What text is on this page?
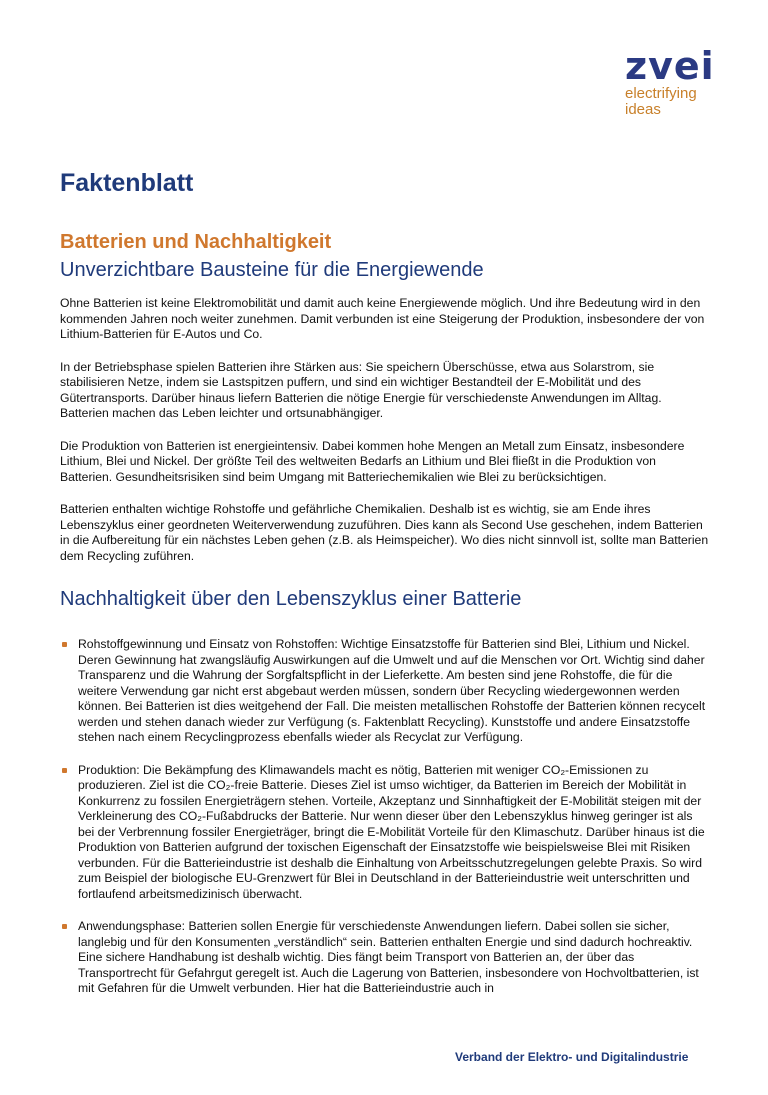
zvei
electrifying
ideas
Faktenblatt
Batterien und Nachhaltigkeit
Unverzichtbare Bausteine für die Energiewende

Ohne Batterien ist keine Elektromobilität und damit auch keine Energiewende möglich. Und ihre Bedeutung wird in den kommenden Jahren noch weiter zunehmen. Damit verbunden ist eine Steigerung der Produktion, insbesondere der von Lithium-Batterien für E-Autos und Co.

In der Betriebsphase spielen Batterien ihre Stärken aus: Sie speichern Überschüsse, etwa aus Solarstrom, sie stabilisieren Netze, indem sie Lastspitzen puffern, und sind ein wichtiger Bestandteil der E-Mobilität und des Gütertransports. Darüber hinaus liefern Batterien die nötige Energie für verschiedenste Anwendungen im Alltag. Batterien machen das Leben leichter und ortsunabhängiger.

Die Produktion von Batterien ist energieintensiv. Dabei kommen hohe Mengen an Metall zum Einsatz, insbesondere Lithium, Blei und Nickel. Der größte Teil des weltweiten Bedarfs an Lithium und Blei fließt in die Produktion von Batterien. Gesundheitsrisiken sind beim Umgang mit Batteriechemikalien wie Blei zu berücksichtigen.

Batterien enthalten wichtige Rohstoffe und gefährliche Chemikalien. Deshalb ist es wichtig, sie am Ende ihres Lebenszyklus einer geordneten Weiterverwendung zuzuführen. Dies kann als Second Use geschehen, indem Batterien in die Aufbereitung für ein nächstes Leben gehen (z.B. als Heimspeicher). Wo dies nicht sinnvoll ist, sollte man Batterien dem Recycling zuführen.

Nachhaltigkeit über den Lebenszyklus einer Batterie
Rohstoffgewinnung und Einsatz von Rohstoffen: Wichtige Einsatzstoffe für Batterien sind Blei, Lithium und Nickel. Deren Gewinnung hat zwangsläufig Auswirkungen auf die Umwelt und auf die Menschen vor Ort. Wichtig sind daher Transparenz und die Wahrung der Sorgfaltspflicht in der Lieferkette. Am besten sind jene Rohstoffe, die für die weitere Verwendung gar nicht erst abgebaut werden müssen, sondern über Recycling wiedergewonnen werden können. Bei Batterien ist dies weitgehend der Fall. Die meisten metallischen Rohstoffe der Batterien können recycelt werden und stehen danach wieder zur Verfügung (s. Faktenblatt Recycling). Kunststoffe und andere Einsatzstoffe stehen nach einem Recyclingprozess ebenfalls wieder als Recyclat zur Verfügung.
Produktion: Die Bekämpfung des Klimawandels macht es nötig, Batterien mit weniger CO₂-Emissionen zu produzieren. Ziel ist die CO₂-freie Batterie. Dieses Ziel ist umso wichtiger, da Batterien im Bereich der Mobilität in Konkurrenz zu fossilen Energieträgern stehen. Vorteile, Akzeptanz und Sinnhaftigkeit der E-Mobilität steigen mit der Verkleinerung des CO₂-Fußabdrucks der Batterie. Nur wenn dieser über den Lebenszyklus hinweg geringer ist als bei der Verbrennung fossiler Energieträger, bringt die E-Mobilität Vorteile für den Klimaschutz. Darüber hinaus ist die Produktion von Batterien aufgrund der toxischen Eigenschaft der Einsatzstoffe wie beispielsweise Blei mit Risiken verbunden. Für die Batterieindustrie ist deshalb die Einhaltung von Arbeitsschutzregelungen gelebte Praxis. So wird zum Beispiel der biologische EU-Grenzwert für Blei in Deutschland in der Batterieindustrie weit unterschritten und fortlaufend arbeitsmedizinisch überwacht.
Anwendungsphase: Batterien sollen Energie für verschiedenste Anwendungen liefern. Dabei sollen sie sicher, langlebig und für den Konsumenten „verständlich“ sein. Batterien enthalten Energie und sind dadurch hochreaktiv. Eine sichere Handhabung ist deshalb wichtig. Dies fängt beim Transport von Batterien an, der über das Transportrecht für Gefahrgut geregelt ist. Auch die Lagerung von Batterien, insbesondere von Hochvoltbatterien, ist mit Gefahren für die Umwelt verbunden. Hier hat die Batterieindustrie auch in

Verband der Elektro- und Digitalindustrie
